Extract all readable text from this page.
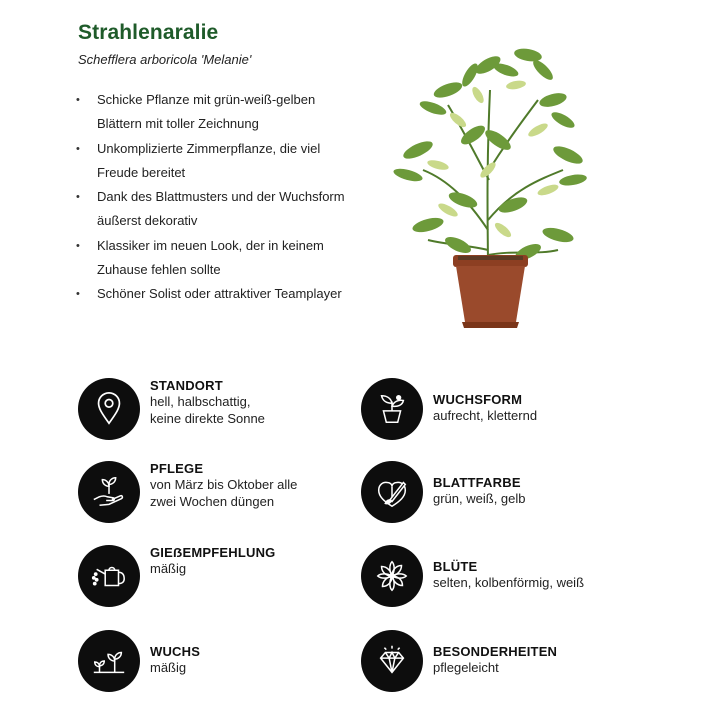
Strahlenaralie
Schefflera arboricola 'Melanie'
• Schicke Pflanze mit grün-weiß-gelben
Blättern mit toller Zeichnung
• Unkomplizierte Zimmerpflanze, die viel
Freude bereitet
• Dank des Blattmusters und der Wuchsform
äußerst dekorativ
• Klassiker im neuen Look, der in keinem
Zuhause fehlen sollte
• Schöner Solist oder attraktiver Teamplayer
STANDORT
hell, halbschattig,
keine direkte Sonne
PFLEGE
von März bis Oktober alle
zwei Wochen düngen
GIEẞEMPFEHLUNG
mäßig
WUCHS
mäßig
WUCHSFORM
aufrecht, kletternd
BLATTFARBE
grün, weiß, gelb
BLÜTE
selten, kolbenförmig, weiß
BESONDERHEITEN
pflegeleicht
